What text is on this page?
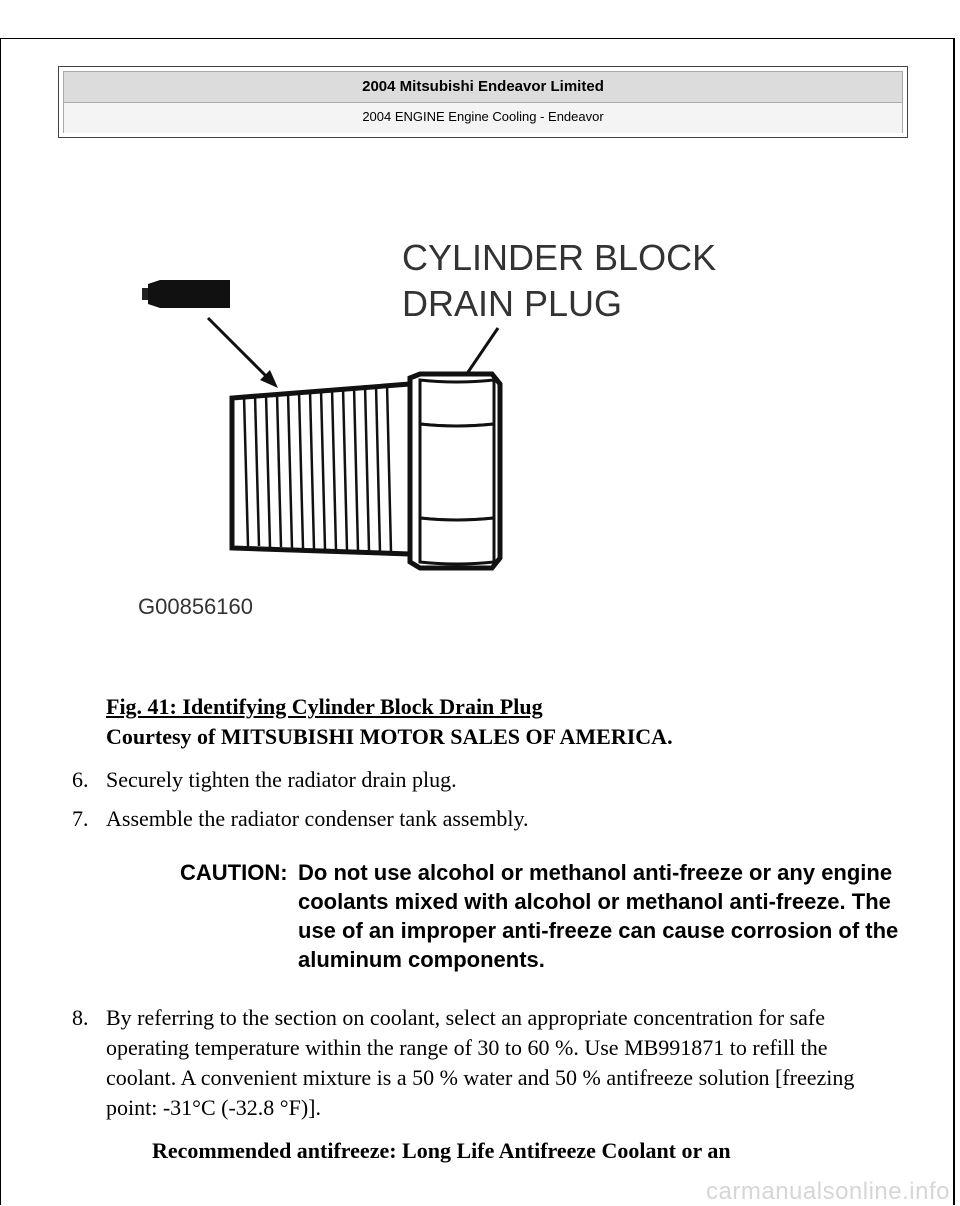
2004 Mitsubishi Endeavor Limited
2004 ENGINE Engine Cooling - Endeavor
CYLINDER BLOCK
DRAIN PLUG
G00856160
Fig. 41: Identifying Cylinder Block Drain Plug
Courtesy of MITSUBISHI MOTOR SALES OF AMERICA.
6. Securely tighten the radiator drain plug.
7. Assemble the radiator condenser tank assembly.
CAUTION: Do not use alcohol or methanol anti-freeze or any engine coolants mixed with alcohol or methanol anti-freeze. The use of an improper anti-freeze can cause corrosion of the aluminum components.
8. By referring to the section on coolant, select an appropriate concentration for safe operating temperature within the range of 30 to 60 %. Use MB991871 to refill the coolant. A convenient mixture is a 50 % water and 50 % antifreeze solution [freezing point: -31°C (-32.8 °F)].
Recommended antifreeze: Long Life Antifreeze Coolant or an
carmanualsonline.info
